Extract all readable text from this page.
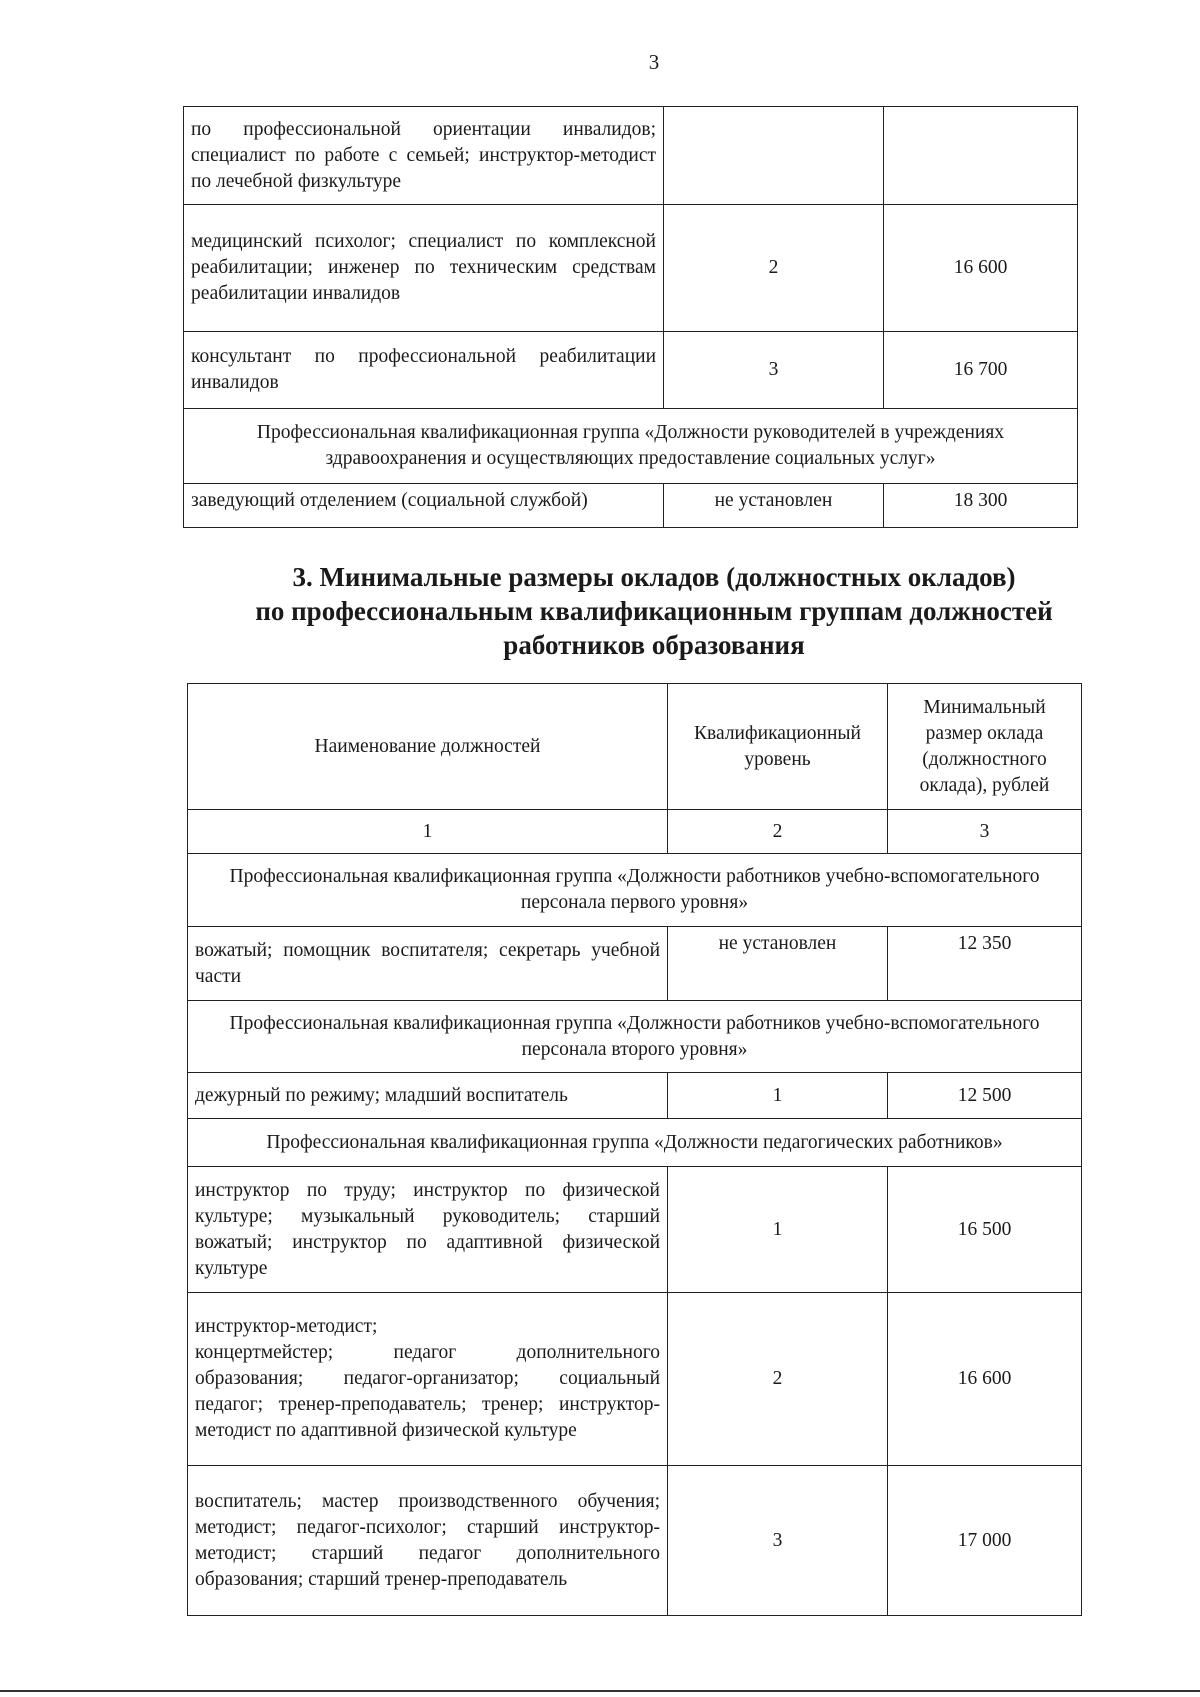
3
по профессиональной ориентации инвалидов; специалист по работе с семьей; инструктор-методист по лечебной физкультуре		
медицинский психолог; специалист по комплексной реабилитации; инженер по техническим средствам реабилитации инвалидов	2	16 600
консультант по профессиональной реабилитации инвалидов	3	16 700
Профессиональная квалификационная группа «Должности руководителей в учреждениях здравоохранения и осуществляющих предоставление социальных услуг»		
заведующий отделением (социальной службой)	не установлен	18 300
3. Минимальные размеры окладов (должностных окладов)
по профессиональным квалификационным группам должностей
работников образования
Наименование должностей	Квалификационный уровень	Минимальный размер оклада (должностного оклада), рублей
1	2	3
Профессиональная квалификационная группа «Должности работников учебно-вспомогательного персонала первого уровня»		
вожатый; помощник воспитателя; секретарь учебной части	не установлен	12 350
Профессиональная квалификационная группа «Должности работников учебно-вспомогательного персонала второго уровня»		
дежурный по режиму; младший воспитатель	1	12 500
Профессиональная квалификационная группа «Должности педагогических работников»		
инструктор по труду; инструктор по физической культуре; музыкальный руководитель; старший вожатый; инструктор по адаптивной физической культуре	1	16 500

инструктор-методист;
концертмейстер; педагог дополнительного образования; педагог-организатор; социальный педагог; тренер-преподаватель; тренер; инструктор-методист по адаптивной физической культуре	2	16 600
воспитатель; мастер производственного обучения; методист; педагог-психолог; старший инструктор-методист; старший педагог дополнительного образования; старший тренер-преподаватель	3	17 000
